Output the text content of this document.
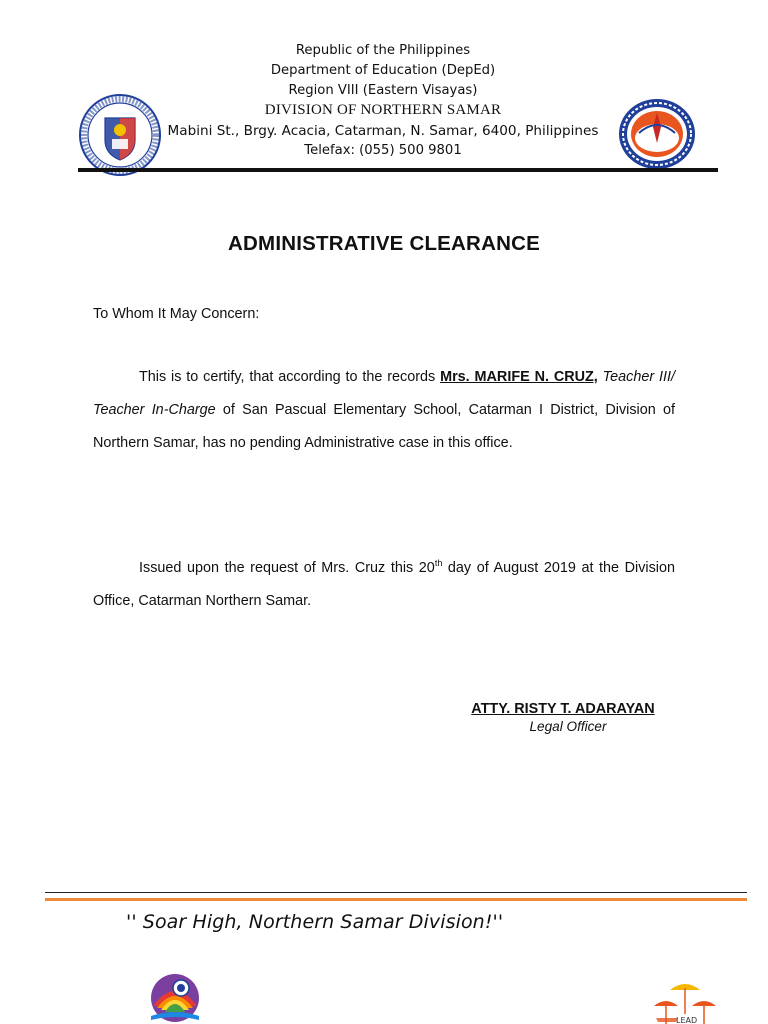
Republic of the Philippines
Department of Education (DepEd)
Region VIII (Eastern Visayas)
DIVISION OF NORTHERN SAMAR
Mabini St., Brgy. Acacia, Catarman, N. Samar, 6400, Philippines
Telefax: (055) 500 9801
ADMINISTRATIVE CLEARANCE
To Whom It May Concern:
This is to certify, that according to the records Mrs. MARIFE N. CRUZ, Teacher III/ Teacher In-Charge of San Pascual Elementary School, Catarman I District, Division of Northern Samar, has no pending Administrative case in this office.
Issued upon the request of Mrs. Cruz this 20th day of August 2019 at the Division Office, Catarman Northern Samar.
ATTY. RISTY T. ADARAYAN
Legal Officer
'' Soar High, Northern Samar Division!''
LEAD
